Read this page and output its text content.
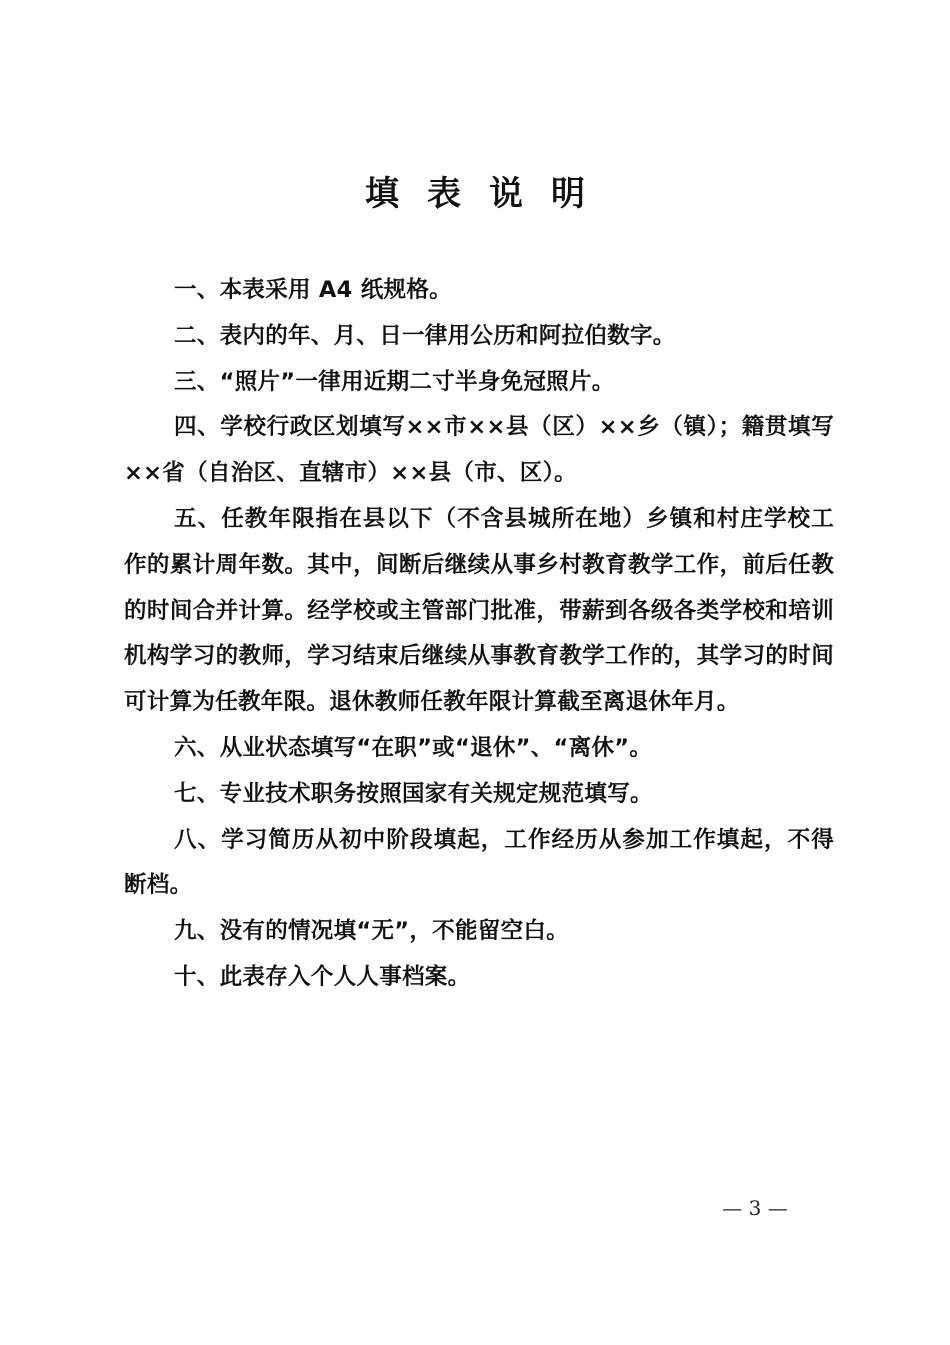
填表说明

一、本表采用 A4 纸规格。

二、表内的年、月、日一律用公历和阿拉伯数字。

三、“照片”一律用近期二寸半身免冠照片。

四、学校行政区划填写××市××县（区）××乡（镇）；籍贯填写××省（自治区、直辖市）××县（市、区）。

五、任教年限指在县以下（不含县城所在地）乡镇和村庄学校工作的累计周年数。其中，间断后继续从事乡村教育教学工作，前后任教的时间合并计算。经学校或主管部门批准，带薪到各级各类学校和培训机构学习的教师，学习结束后继续从事教育教学工作的，其学习的时间可计算为任教年限。退休教师任教年限计算截至离退休年月。

六、从业状态填写“在职”或“退休”、“离休”。

七、专业技术职务按照国家有关规定规范填写。

八、学习简历从初中阶段填起，工作经历从参加工作填起，不得断档。

九、没有的情况填“无”，不能留空白。

十、此表存入个人人事档案。

— 3 —
